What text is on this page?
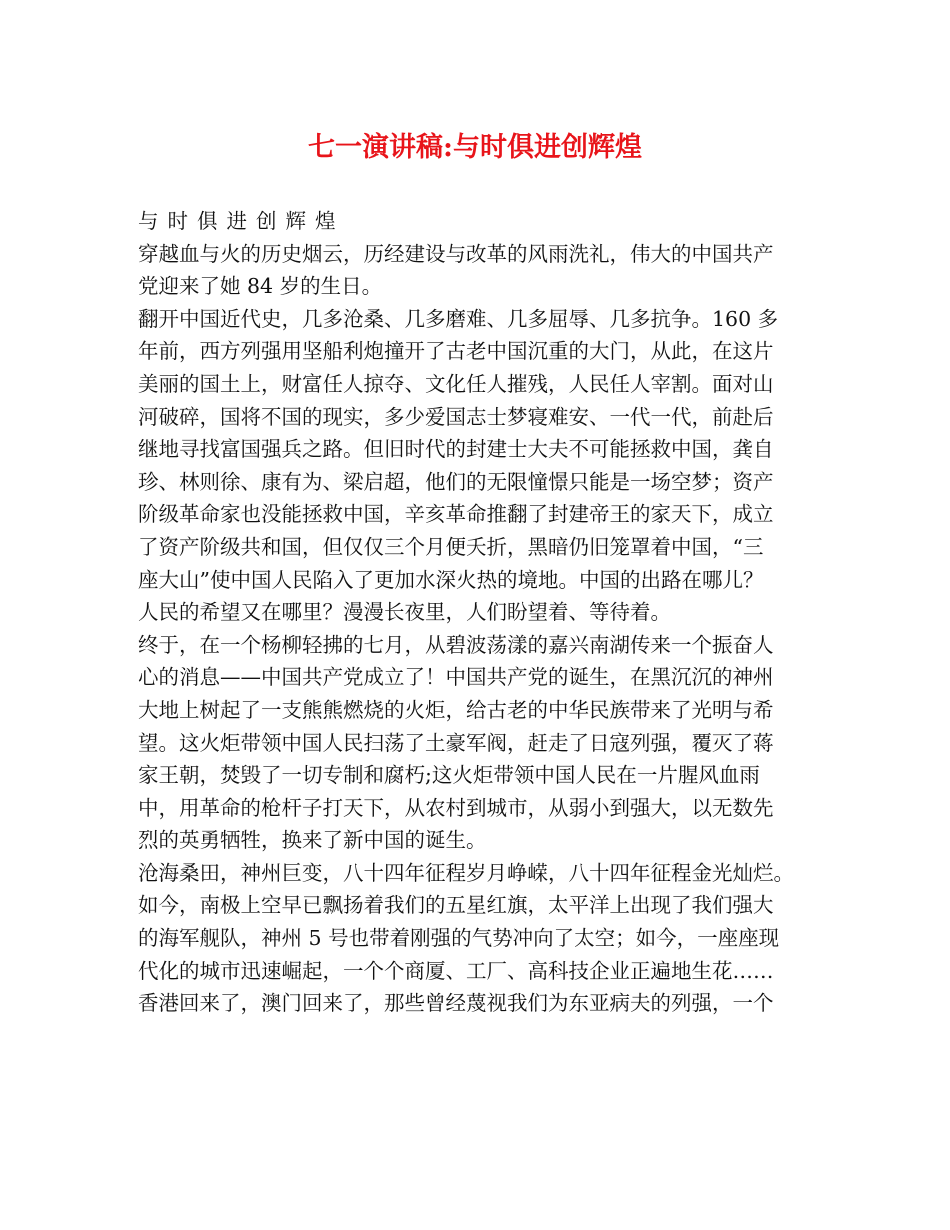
七一演讲稿:与时俱进创辉煌
与时俱进创辉煌
穿越血与火的历史烟云，历经建设与改革的风雨洗礼，伟大的中国共产
党迎来了她 84 岁的生日。
翻开中国近代史，几多沧桑、几多磨难、几多屈辱、几多抗争。160 多
年前，西方列强用坚船利炮撞开了古老中国沉重的大门，从此，在这片
美丽的国土上，财富任人掠夺、文化任人摧残，人民任人宰割。面对山
河破碎，国将不国的现实，多少爱国志士梦寝难安、一代一代，前赴后
继地寻找富国强兵之路。但旧时代的封建士大夫不可能拯救中国，龚自
珍、林则徐、康有为、梁启超，他们的无限憧憬只能是一场空梦；资产
阶级革命家也没能拯救中国，辛亥革命推翻了封建帝王的家天下，成立
了资产阶级共和国，但仅仅三个月便夭折，黑暗仍旧笼罩着中国，“三
座大山”使中国人民陷入了更加水深火热的境地。中国的出路在哪儿？
人民的希望又在哪里？漫漫长夜里，人们盼望着、等待着。
终于，在一个杨柳轻拂的七月，从碧波荡漾的嘉兴南湖传来一个振奋人
心的消息——中国共产党成立了！中国共产党的诞生，在黑沉沉的神州
大地上树起了一支熊熊燃烧的火炬，给古老的中华民族带来了光明与希
望。这火炬带领中国人民扫荡了土豪军阀，赶走了日寇列强，覆灭了蒋
家王朝，焚毁了一切专制和腐朽;这火炬带领中国人民在一片腥风血雨
中，用革命的枪杆子打天下，从农村到城市，从弱小到强大，以无数先
烈的英勇牺牲，换来了新中国的诞生。
沧海桑田，神州巨变，八十四年征程岁月峥嵘，八十四年征程金光灿烂。
如今，南极上空早已飘扬着我们的五星红旗，太平洋上出现了我们强大
的海军舰队，神州 5 号也带着刚强的气势冲向了太空；如今，一座座现
代化的城市迅速崛起，一个个商厦、工厂、高科技企业正遍地生花……
香港回来了，澳门回来了，那些曾经蔑视我们为东亚病夫的列强，一个
